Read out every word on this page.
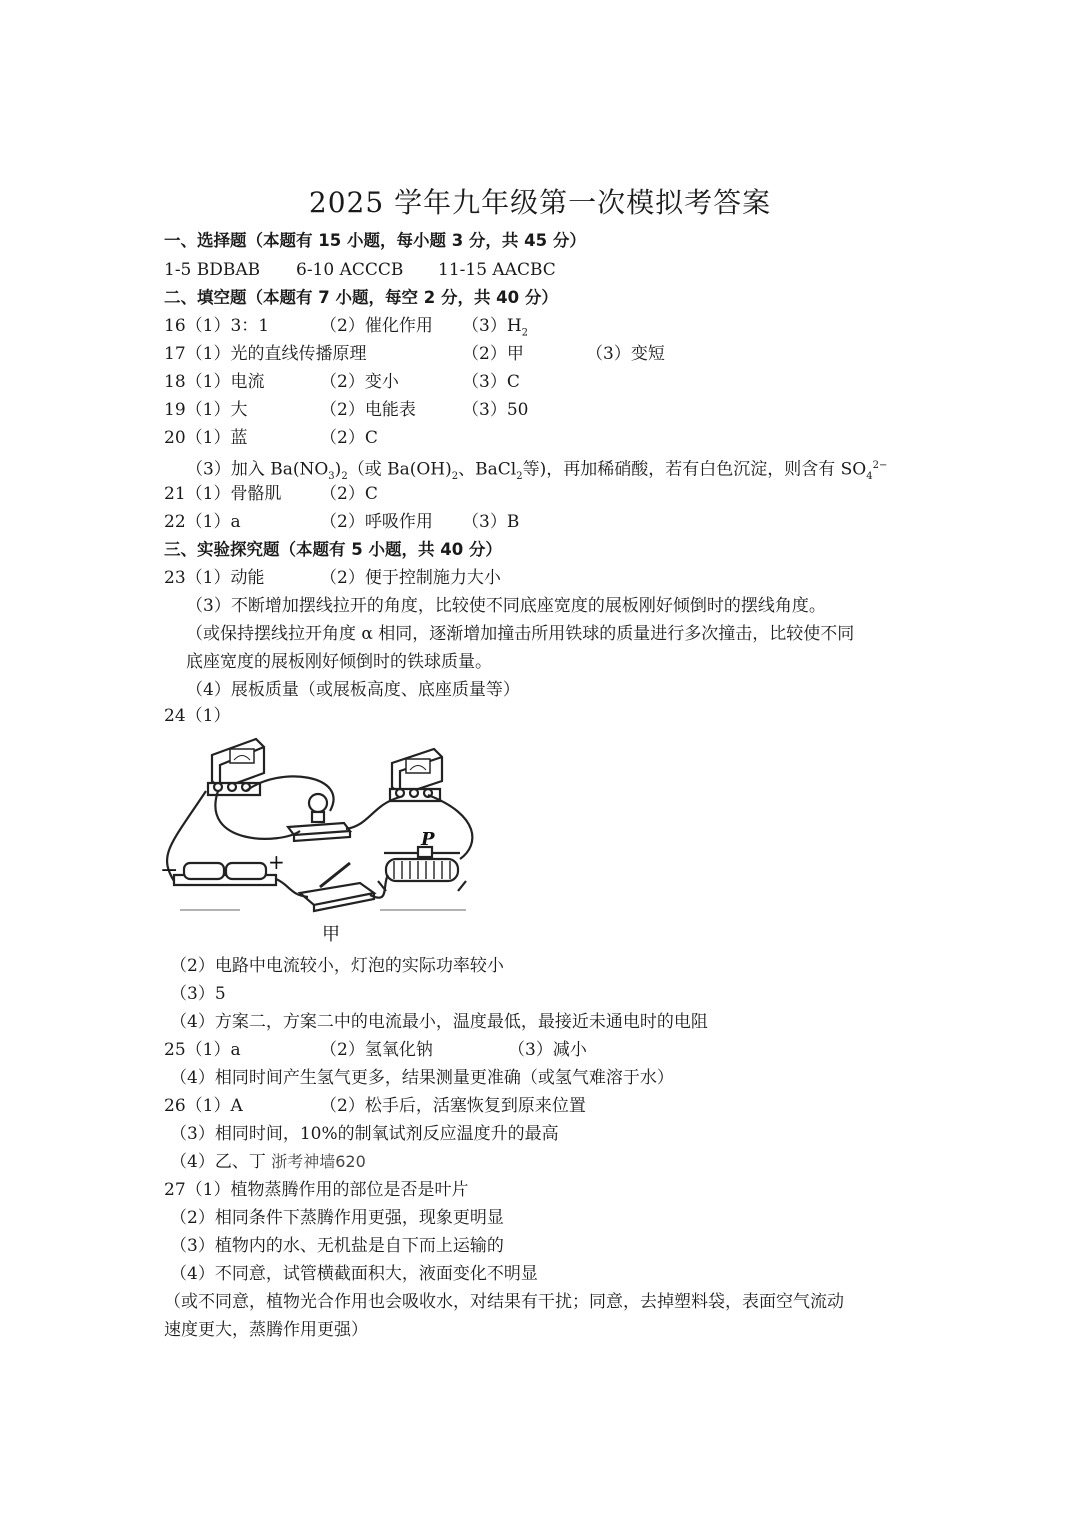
2025 学年九年级第一次模拟考答案
一、选择题（本题有 15 小题，每小题 3 分，共 45 分）
1-5 BDBAB 6-10 ACCCB 11-15 AACBC
二、填空题（本题有 7 小题，每空 2 分，共 40 分）
16（1）3：1	（2）催化作用 $(3)H_2$
17（1）光的直线传播原理	（2）甲	（3）变短
18（1）电流	（2）变小	（3）C
19（1）大	（2）电能表	（3）50
20（1）蓝	（2）C
（3）加入 $Ba(NO_3)_2$（或 $Ba(OH)_2$、BaCl$_2$等)，再加稀硝酸，若有白色沉淀，则含有 $SO_4^{2-}$
21（1）骨骼肌 （2）C
22（1）a	（2）呼吸作用 （3）B
三、实验探究题（本题有 5 小题，共 40 分）
23（1）动能	（2）便于控制施力大小
（3）不断增加摆线拉开的角度，比较使不同底座宽度的展板刚好倾倒时的摆线角度。
（或保持摆线拉开角度 α 相同，逐渐增加撞击所用铁球的质量进行多次撞击，比较使不同
底座宽度的展板刚好倾倒时的铁球质量。
（4）展板质量（或展板高度、底座质量等）
24（1）
−	+
P
甲
（2）电路中电流较小，灯泡的实际功率较小
（3）5
（4）方案二，方案二中的电流最小，温度最低，最接近未通电时的电阻
25（1）a	（2）氢氧化钠	（3）减小
（4）相同时间产生氢气更多，结果测量更准确（或氢气难溶于水）
26（1）A	（2）松手后，活塞恢复到原来位置
（3）相同时间，10%的制氧试剂反应温度升的最高
（4）乙、丁 浙考神墙620
27（1）植物蒸腾作用的部位是否是叶片
（2）相同条件下蒸腾作用更强，现象更明显
（3）植物内的水、无机盐是自下而上运输的
（4）不同意，试管横截面积大，液面变化不明显
（或不同意，植物光合作用也会吸收水，对结果有干扰；同意，去掉塑料袋，表面空气流动
速度更大，蒸腾作用更强）
